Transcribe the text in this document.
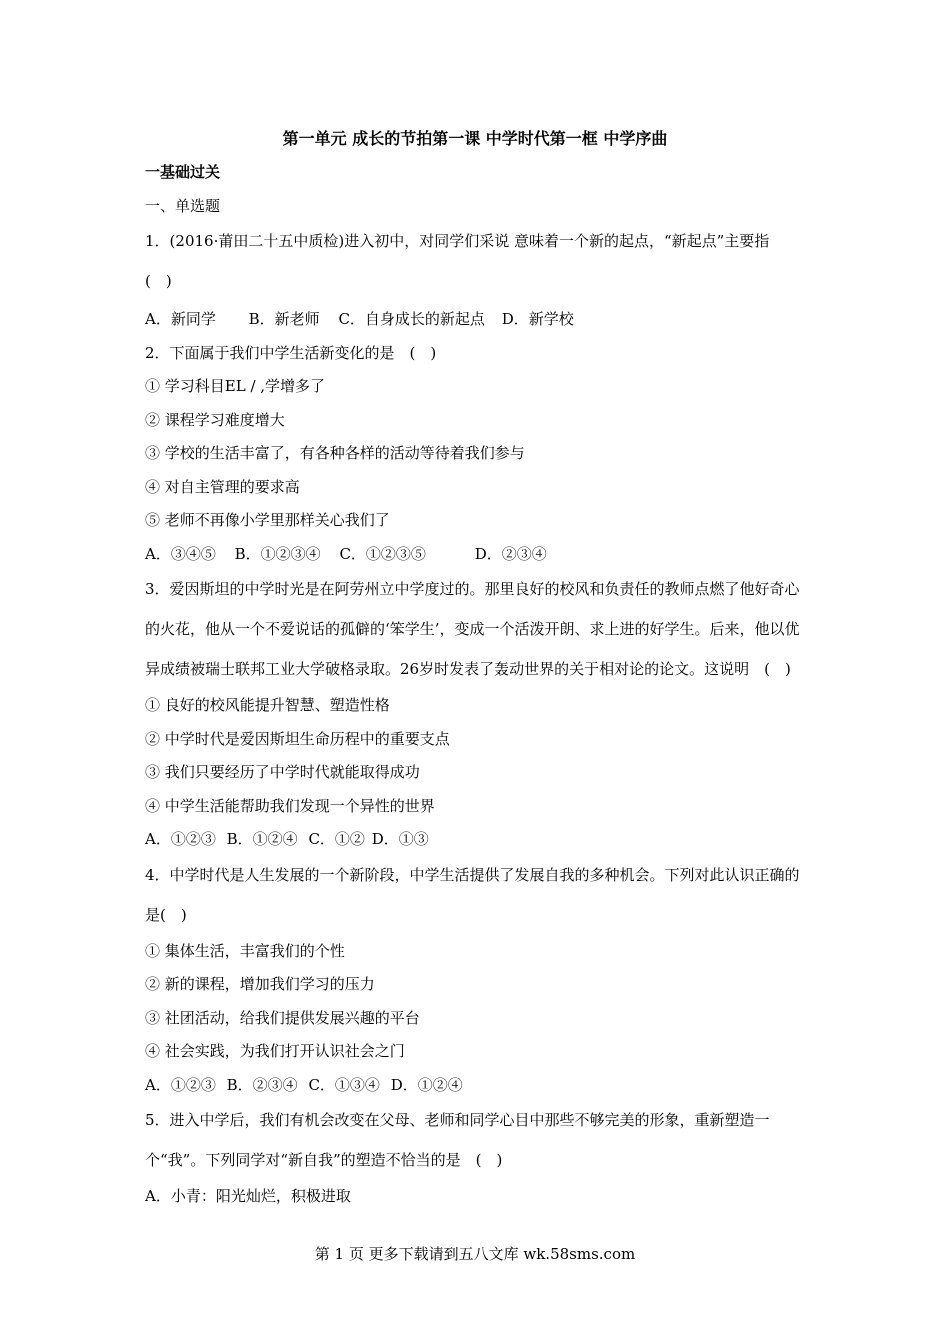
第一单元 成长的节拍第一课 中学时代第一框 中学序曲
一基础过关
一、单选题
1．(2016·莆田二十五中质检)进入初中，对同学们采说 意味着一个新的起点，“新起点”主要指　(　)
A．新同学 B．新老师 C．自身成长的新起点 D．新学校
2．下面属于我们中学生活新变化的是　(　)
① 学习科目EL / ,学增多了
② 课程学习难度增大
③ 学校的生活丰富了，有各种各样的活动等待着我们参与
④ 对自主管理的要求高
⑤ 老师不再像小学里那样关心我们了
A．③④⑤ B．①②③④ C．①②③⑤	D．②③④
3．爱因斯坦的中学时光是在阿劳州立中学度过的。那里良好的校风和负责任的教师点燃了他好奇心的火花，他从一个不爱说话的孤僻的‘笨学生’，变成一个活泼开朗、求上进的好学生。后来，他以优异成绩被瑞士联邦工业大学破格录取。26岁时发表了轰动世界的关于相对论的论文。这说明　(　)
① 良好的校风能提升智慧、塑造性格
② 中学时代是爱因斯坦生命历程中的重要支点
③ 我们只要经历了中学时代就能取得成功
④ 中学生活能帮助我们发现一个异性的世界
A．①②③ B．①②④ C．①② D．①③
4．中学时代是人生发展的一个新阶段，中学生活提供了发展自我的多种机会。下列对此认识正确的是(　)
① 集体生活，丰富我们的个性
② 新的课程，增加我们学习的压力
③ 社团活动，给我们提供发展兴趣的平台
④ 社会实践，为我们打开认识社会之门
A．①②③ B．②③④ C．①③④ D．①②④
5．进入中学后，我们有机会改变在父母、老师和同学心目中那些不够完美的形象，重新塑造一个“我”。下列同学对“新自我”的塑造不恰当的是　(　)
A．小青：阳光灿烂，积极进取
第 1 页 更多下载请到五八文库 wk.58sms.com
